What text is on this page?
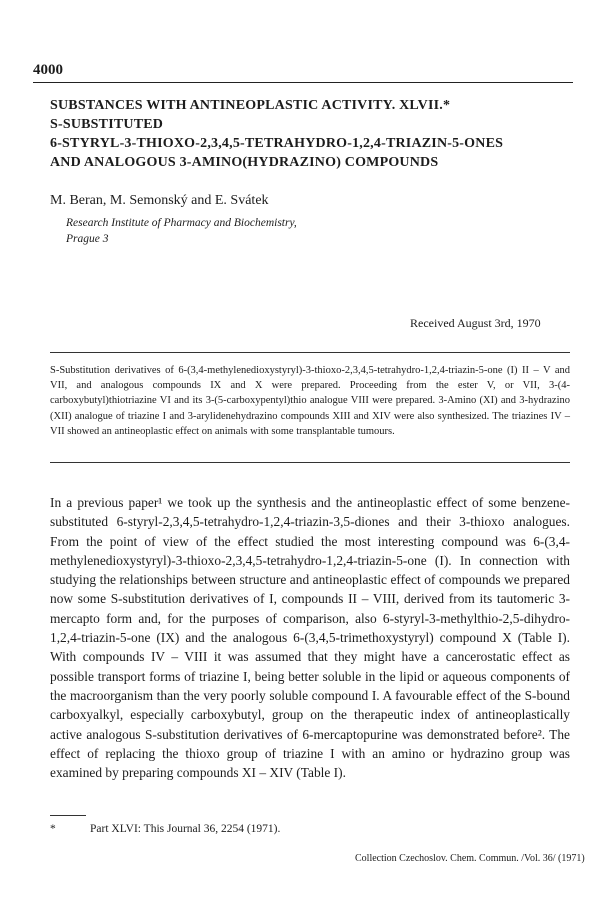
4000
SUBSTANCES WITH ANTINEOPLASTIC ACTIVITY. XLVII.*
S-SUBSTITUTED
6-STYRYL-3-THIOXO-2,3,4,5-TETRAHYDRO-1,2,4-TRIAZIN-5-ONES
AND ANALOGOUS 3-AMINO(HYDRAZINO) COMPOUNDS
M. Beran, M. Semonský and E. Svátek
Research Institute of Pharmacy and Biochemistry,
Prague 3
Received August 3rd, 1970
S-Substitution derivatives of 6-(3,4-methylenedioxystyryl)-3-thioxo-2,3,4,5-tetrahydro-1,2,4-triazin-5-one (I) II – V and VII, and analogous compounds IX and X were prepared. Proceeding from the ester V, or VII, 3-(4-carboxybutyl)thiotriazine VI and its 3-(5-carboxypentyl)thio analogue VIII were prepared. 3-Amino (XI) and 3-hydrazino (XII) analogue of triazine I and 3-arylidenehydrazino compounds XIII and XIV were also synthesized. The triazines IV – VII showed an antineoplastic effect on animals with some transplantable tumours.

In a previous paper¹ we took up the synthesis and the antineoplastic effect of some benzene-substituted 6-styryl-2,3,4,5-tetrahydro-1,2,4-triazin-3,5-diones and their 3-thioxo analogues. From the point of view of the effect studied the most interesting compound was 6-(3,4-methylenedioxystyryl)-3-thioxo-2,3,4,5-tetrahydro-1,2,4-triazin-5-one (I). In connection with studying the relationships between structure and antineoplastic effect of compounds we prepared now some S-substitution derivatives of I, compounds II – VIII, derived from its tautomeric 3-mercapto form and, for the purposes of comparison, also 6-styryl-3-methylthio-2,5-dihydro-1,2,4-triazin-5-one (IX) and the analogous 6-(3,4,5-trimethoxystyryl) compound X (Table I). With compounds IV – VIII it was assumed that they might have a cancerostatic effect as possible transport forms of triazine I, being better soluble in the lipid or aqueous components of the macroorganism than the very poorly soluble compound I. A favourable effect of the S-bound carboxyalkyl, especially carboxybutyl, group on the therapeutic index of antineoplastically active analogous S-substitution derivatives of 6-mercaptopurine was demonstrated before². The effect of replacing the thioxo group of triazine I with an amino or hydrazino group was examined by preparing compounds XI – XIV (Table I).

*	Part XLVI: This Journal 36, 2254 (1971).
Collection Czechoslov. Chem. Commun. /Vol. 36/ (1971)
